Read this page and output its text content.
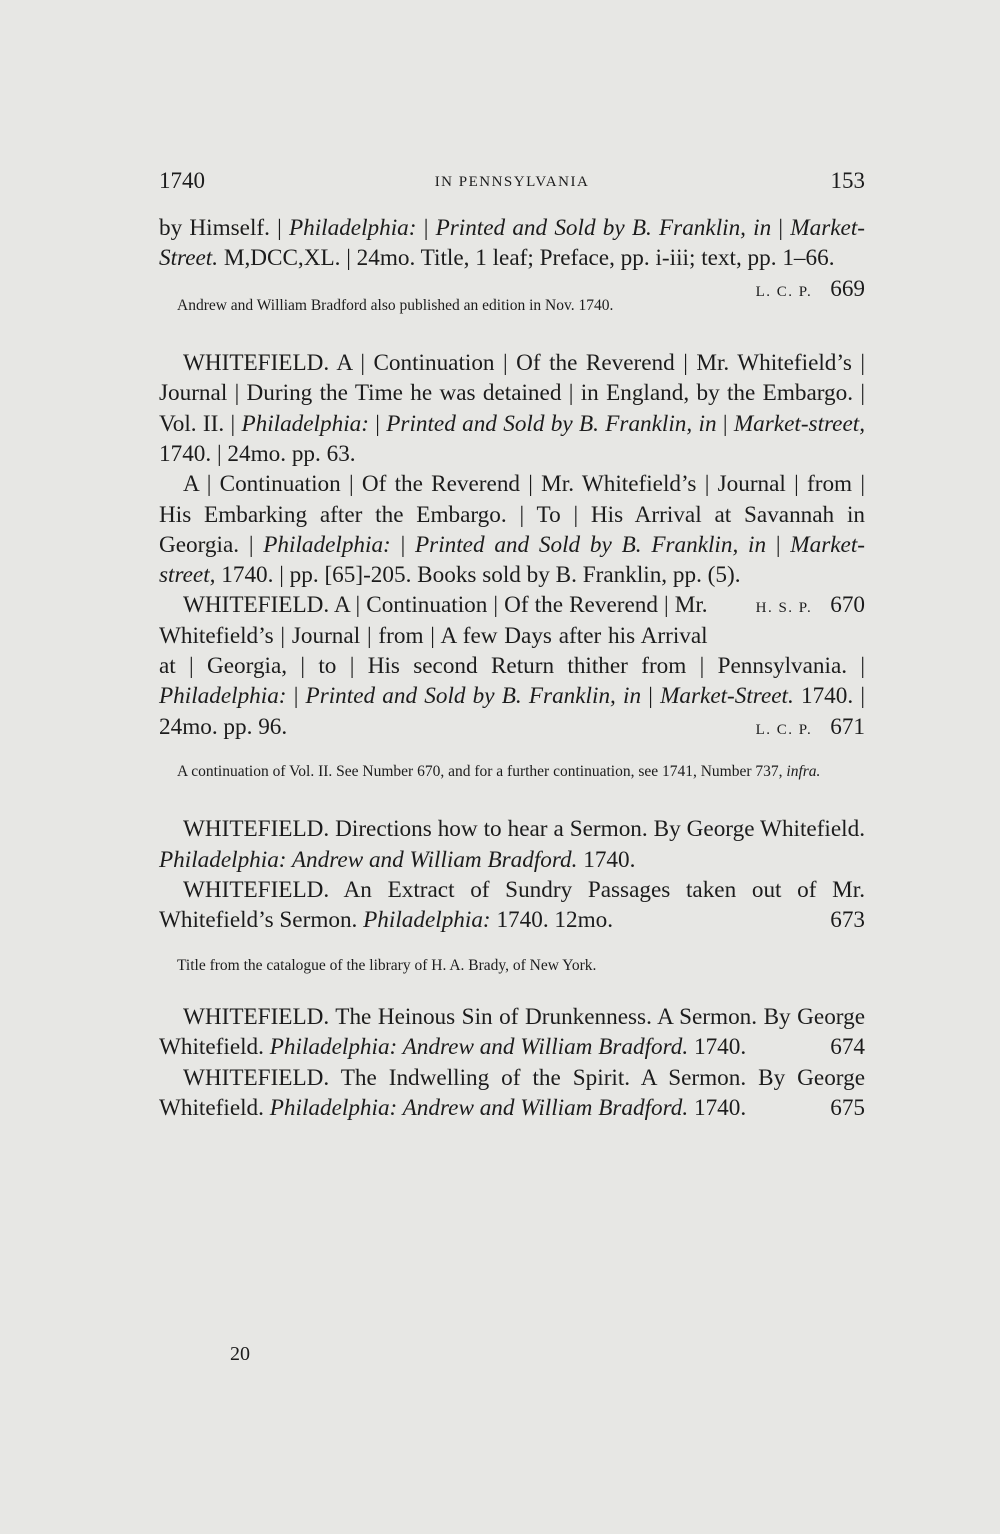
1740	IN PENNSYLVANIA	153

by Himself. | Philadelphia: | Printed and Sold by B. Franklin, in | Market-Street. M,DCC,XL. | 24mo. Title, 1 leaf; Preface, pp. i-iii; text, pp. 1–66.
L. C. P. 669

Andrew and William Bradford also published an edition in Nov. 1740.

WHITEFIELD. A | Continuation | Of the Reverend | Mr. Whitefield’s | Journal | During the Time he was detained | in England, by the Embargo. | Vol. II. | Philadelphia: | Printed and Sold by B. Franklin, in | Market-street, 1740. | 24mo. pp. 63.

A | Continuation | Of the Reverend | Mr. Whitefield’s | Journal | from | His Embarking after the Embargo. | To | His Arrival at Savannah in Georgia. | Philadelphia: | Printed and Sold by B. Franklin, in | Market-street, 1740. | pp. [65]-205. Books sold by B. Franklin, pp. (5).
H. S. P. 670

WHITEFIELD. A | Continuation | Of the Reverend | Mr. Whitefield’s | Journal | from | A few Days after his Arrival at | Georgia, | to | His second Return thither from | Pennsylvania. | Philadelphia: | Printed and Sold by B. Franklin, in | Market-Street. 1740. | 24mo. pp. 96.	L. C. P. 671

A continuation of Vol. II. See Number 670, and for a further continuation, see 1741, Number 737, infra.

WHITEFIELD. Directions how to hear a Sermon. By George Whitefield. Philadelphia: Andrew and William Bradford. 1740.

WHITEFIELD. An Extract of Sundry Passages taken out of Mr. Whitefield’s Sermon. Philadelphia: 1740. 12mo.	673

Title from the catalogue of the library of H. A. Brady, of New York.

WHITEFIELD. The Heinous Sin of Drunkenness. A Sermon. By George Whitefield. Philadelphia: Andrew and William Bradford. 1740.	674

WHITEFIELD. The Indwelling of the Spirit. A Sermon. By George Whitefield. Philadelphia: Andrew and William Bradford. 1740.	675

20
